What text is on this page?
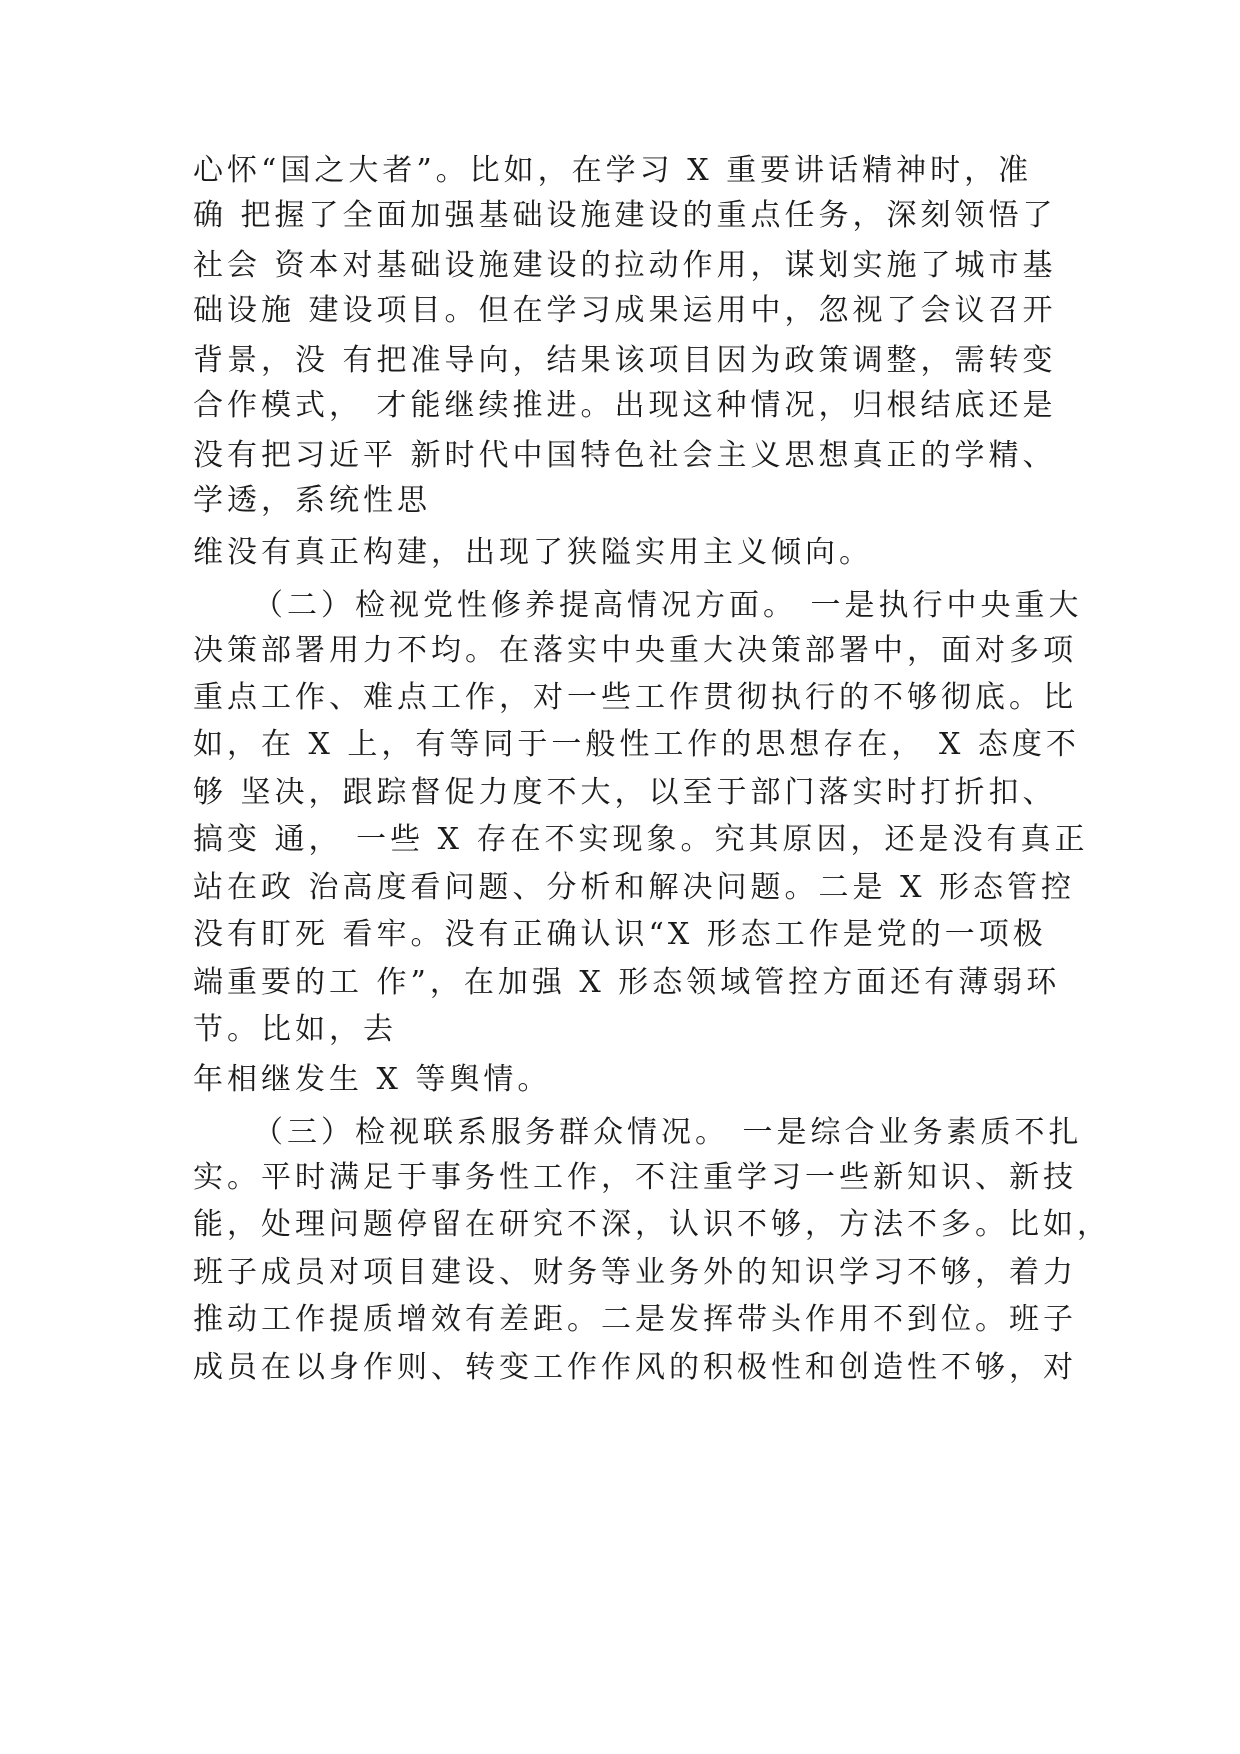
心怀“国之大者”。比如，在学习 X 重要讲话精神时，准
确 把握了全面加强基础设施建设的重点任务，深刻领悟了
社会 资本对基础设施建设的拉动作用，谋划实施了城市基
础设施 建设项目。但在学习成果运用中，忽视了会议召开
背景，没 有把准导向，结果该项目因为政策调整，需转变
合作模式， 才能继续推进。出现这种情况，归根结底还是
没有把习近平 新时代中国特色社会主义思想真正的学精、
学透，系统性思
维没有真正构建，出现了狭隘实用主义倾向。
（二）检视党性修养提高情况方面。 一是执行中央重大
决策部署用力不均。在落实中央重大决策部署中，面对多项
重点工作、难点工作，对一些工作贯彻执行的不够彻底。比
如，在 X 上，有等同于一般性工作的思想存在， X 态度不
够 坚决，跟踪督促力度不大，以至于部门落实时打折扣、
搞变 通， 一些 X 存在不实现象。究其原因，还是没有真正
站在政 治高度看问题、分析和解决问题。二是 X 形态管控
没有盯死 看牢。没有正确认识“X 形态工作是党的一项极
端重要的工 作”，在加强 X 形态领域管控方面还有薄弱环
节。比如，去
年相继发生 X 等舆情。
（三）检视联系服务群众情况。 一是综合业务素质不扎
实。平时满足于事务性工作，不注重学习一些新知识、新技
能，处理问题停留在研究不深，认识不够，方法不多。比如，
班子成员对项目建设、财务等业务外的知识学习不够，着力
推动工作提质增效有差距。二是发挥带头作用不到位。班子
成员在以身作则、转变工作作风的积极性和创造性不够，对
